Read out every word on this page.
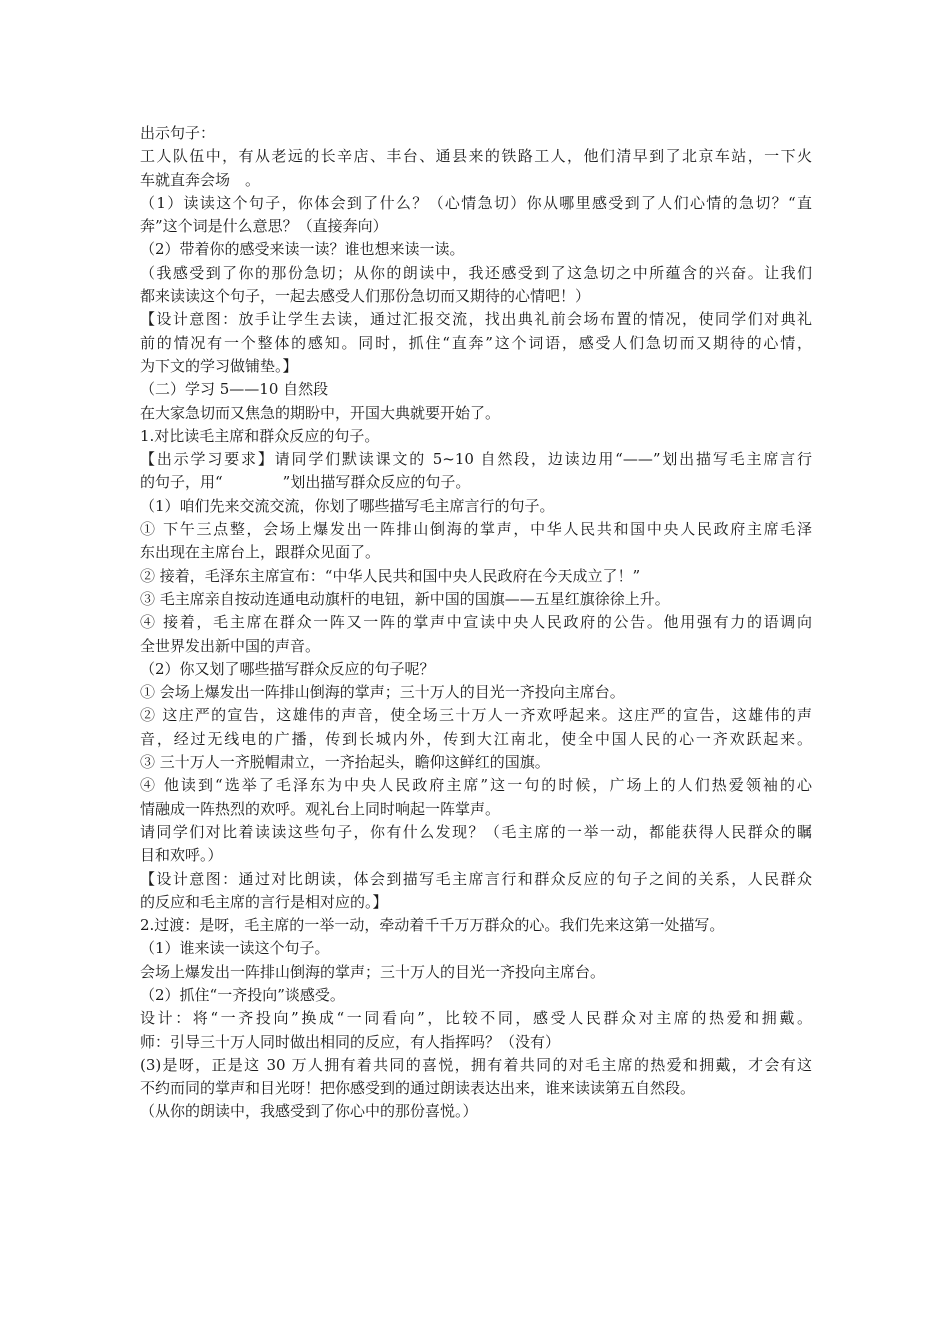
出示句子：
工人队伍中，有从老远的长辛店、丰台、通县来的铁路工人，他们清早到了北京车站，一下火
车就直奔会场　。
（1）读读这个句子，你体会到了什么？（心情急切）你从哪里感受到了人们心情的急切？“直
奔”这个词是什么意思？（直接奔向）
（2）带着你的感受来读一读？谁也想来读一读。
（我感受到了你的那份急切；从你的朗读中，我还感受到了这急切之中所蕴含的兴奋。让我们
都来读读这个句子，一起去感受人们那份急切而又期待的心情吧！）
【设计意图：放手让学生去读，通过汇报交流，找出典礼前会场布置的情况，使同学们对典礼
前的情况有一个整体的感知。同时，抓住“直奔”这个词语，感受人们急切而又期待的心情，
为下文的学习做铺垫。】
（二）学习 5——10 自然段
在大家急切而又焦急的期盼中，开国大典就要开始了。
1.对比读毛主席和群众反应的句子。
【出示学习要求】请同学们默读课文的 5~10 自然段，边读边用“——”划出描写毛主席言行
的句子，用“　　　　”划出描写群众反应的句子。
（1）咱们先来交流交流，你划了哪些描写毛主席言行的句子。
① 下午三点整，会场上爆发出一阵排山倒海的掌声，中华人民共和国中央人民政府主席毛泽
东出现在主席台上，跟群众见面了。
② 接着，毛泽东主席宣布：“中华人民共和国中央人民政府在今天成立了！”
③ 毛主席亲自按动连通电动旗杆的电钮，新中国的国旗——五星红旗徐徐上升。
④ 接着，毛主席在群众一阵又一阵的掌声中宣读中央人民政府的公告。他用强有力的语调向
全世界发出新中国的声音。
（2）你又划了哪些描写群众反应的句子呢？
① 会场上爆发出一阵排山倒海的掌声；三十万人的目光一齐投向主席台。
② 这庄严的宣告，这雄伟的声音，使全场三十万人一齐欢呼起来。这庄严的宣告，这雄伟的声
音，经过无线电的广播，传到长城内外，传到大江南北，使全中国人民的心一齐欢跃起来。
③ 三十万人一齐脱帽肃立，一齐抬起头，瞻仰这鲜红的国旗。
④ 他读到“选举了毛泽东为中央人民政府主席”这一句的时候，广场上的人们热爱领袖的心
情融成一阵热烈的欢呼。观礼台上同时响起一阵掌声。
请同学们对比着读读这些句子，你有什么发现？（毛主席的一举一动，都能获得人民群众的瞩
目和欢呼。）
【设计意图：通过对比朗读，体会到描写毛主席言行和群众反应的句子之间的关系，人民群众
的反应和毛主席的言行是相对应的。】
2.过渡：是呀，毛主席的一举一动，牵动着千千万万群众的心。我们先来这第一处描写。
（1）谁来读一读这个句子。
会场上爆发出一阵排山倒海的掌声；三十万人的目光一齐投向主席台。
（2）抓住“一齐投向”谈感受。
设计：将“一齐投向”换成“一同看向”，比较不同，感受人民群众对主席的热爱和拥戴。
师：引导三十万人同时做出相同的反应，有人指挥吗？（没有）
(3)是呀，正是这 30 万人拥有着共同的喜悦，拥有着共同的对毛主席的热爱和拥戴，才会有这
不约而同的掌声和目光呀！把你感受到的通过朗读表达出来，谁来读读第五自然段。
（从你的朗读中，我感受到了你心中的那份喜悦。）
